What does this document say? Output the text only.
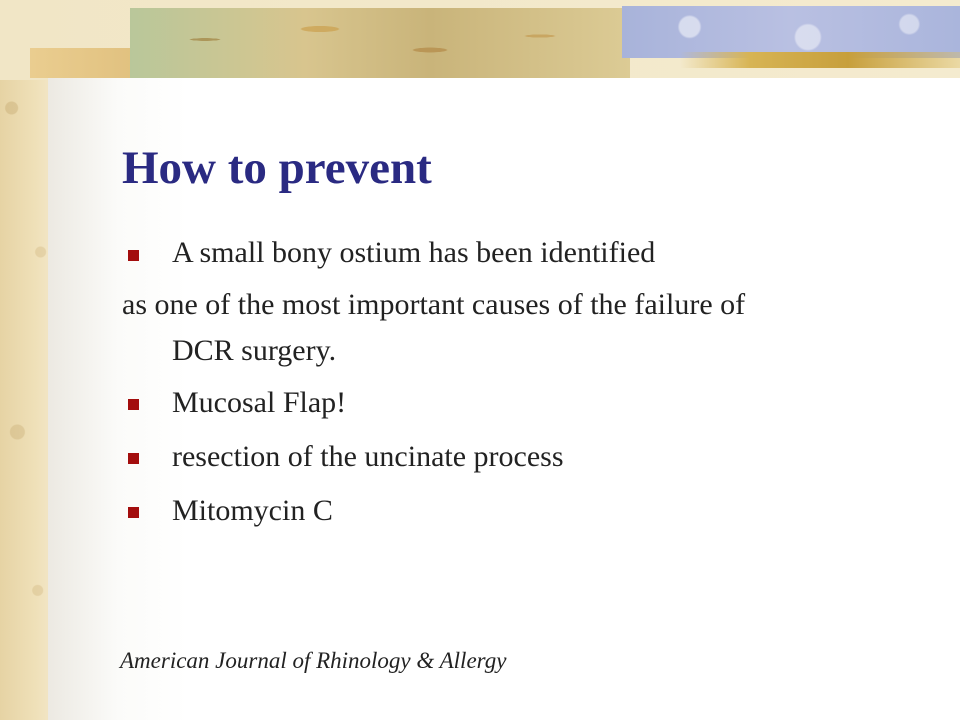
How to prevent
A small bony ostium has been identified
as one of the most important causes of the failure of
DCR surgery.
Mucosal Flap!
resection of the uncinate process
Mitomycin C

American Journal of Rhinology & Allergy
